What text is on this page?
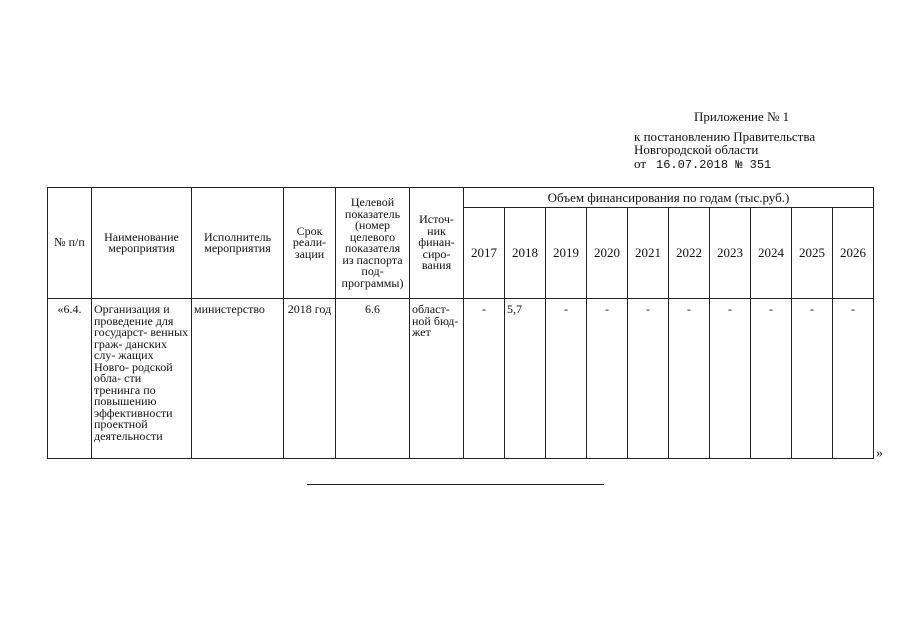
Приложение № 1
к постановлению Правительства
Новгородской области
от 16.07.2018 № 351
№ п/п	Наименование мероприятия	Исполнитель мероприятия	Срок реали- зации	Целевой показатель (номер целевого показателя из паспорта под- программы)	Источ- ник финан- сиро- вания	Объем финансирования по годам (тыс.руб.)									
						2017	2018	2019	2020	2021	2022	2023	2024	2025	2026
«6.4.	Организация и проведение для государст- венных граж- данских слу- жащих Новго- родской обла- сти тренинга по повышению эффективности проектной деятельности	министерство	2018 год	6.6	област- ной бюд- жет	-	5,7	-	-	-	-	-	-	-	-
»
